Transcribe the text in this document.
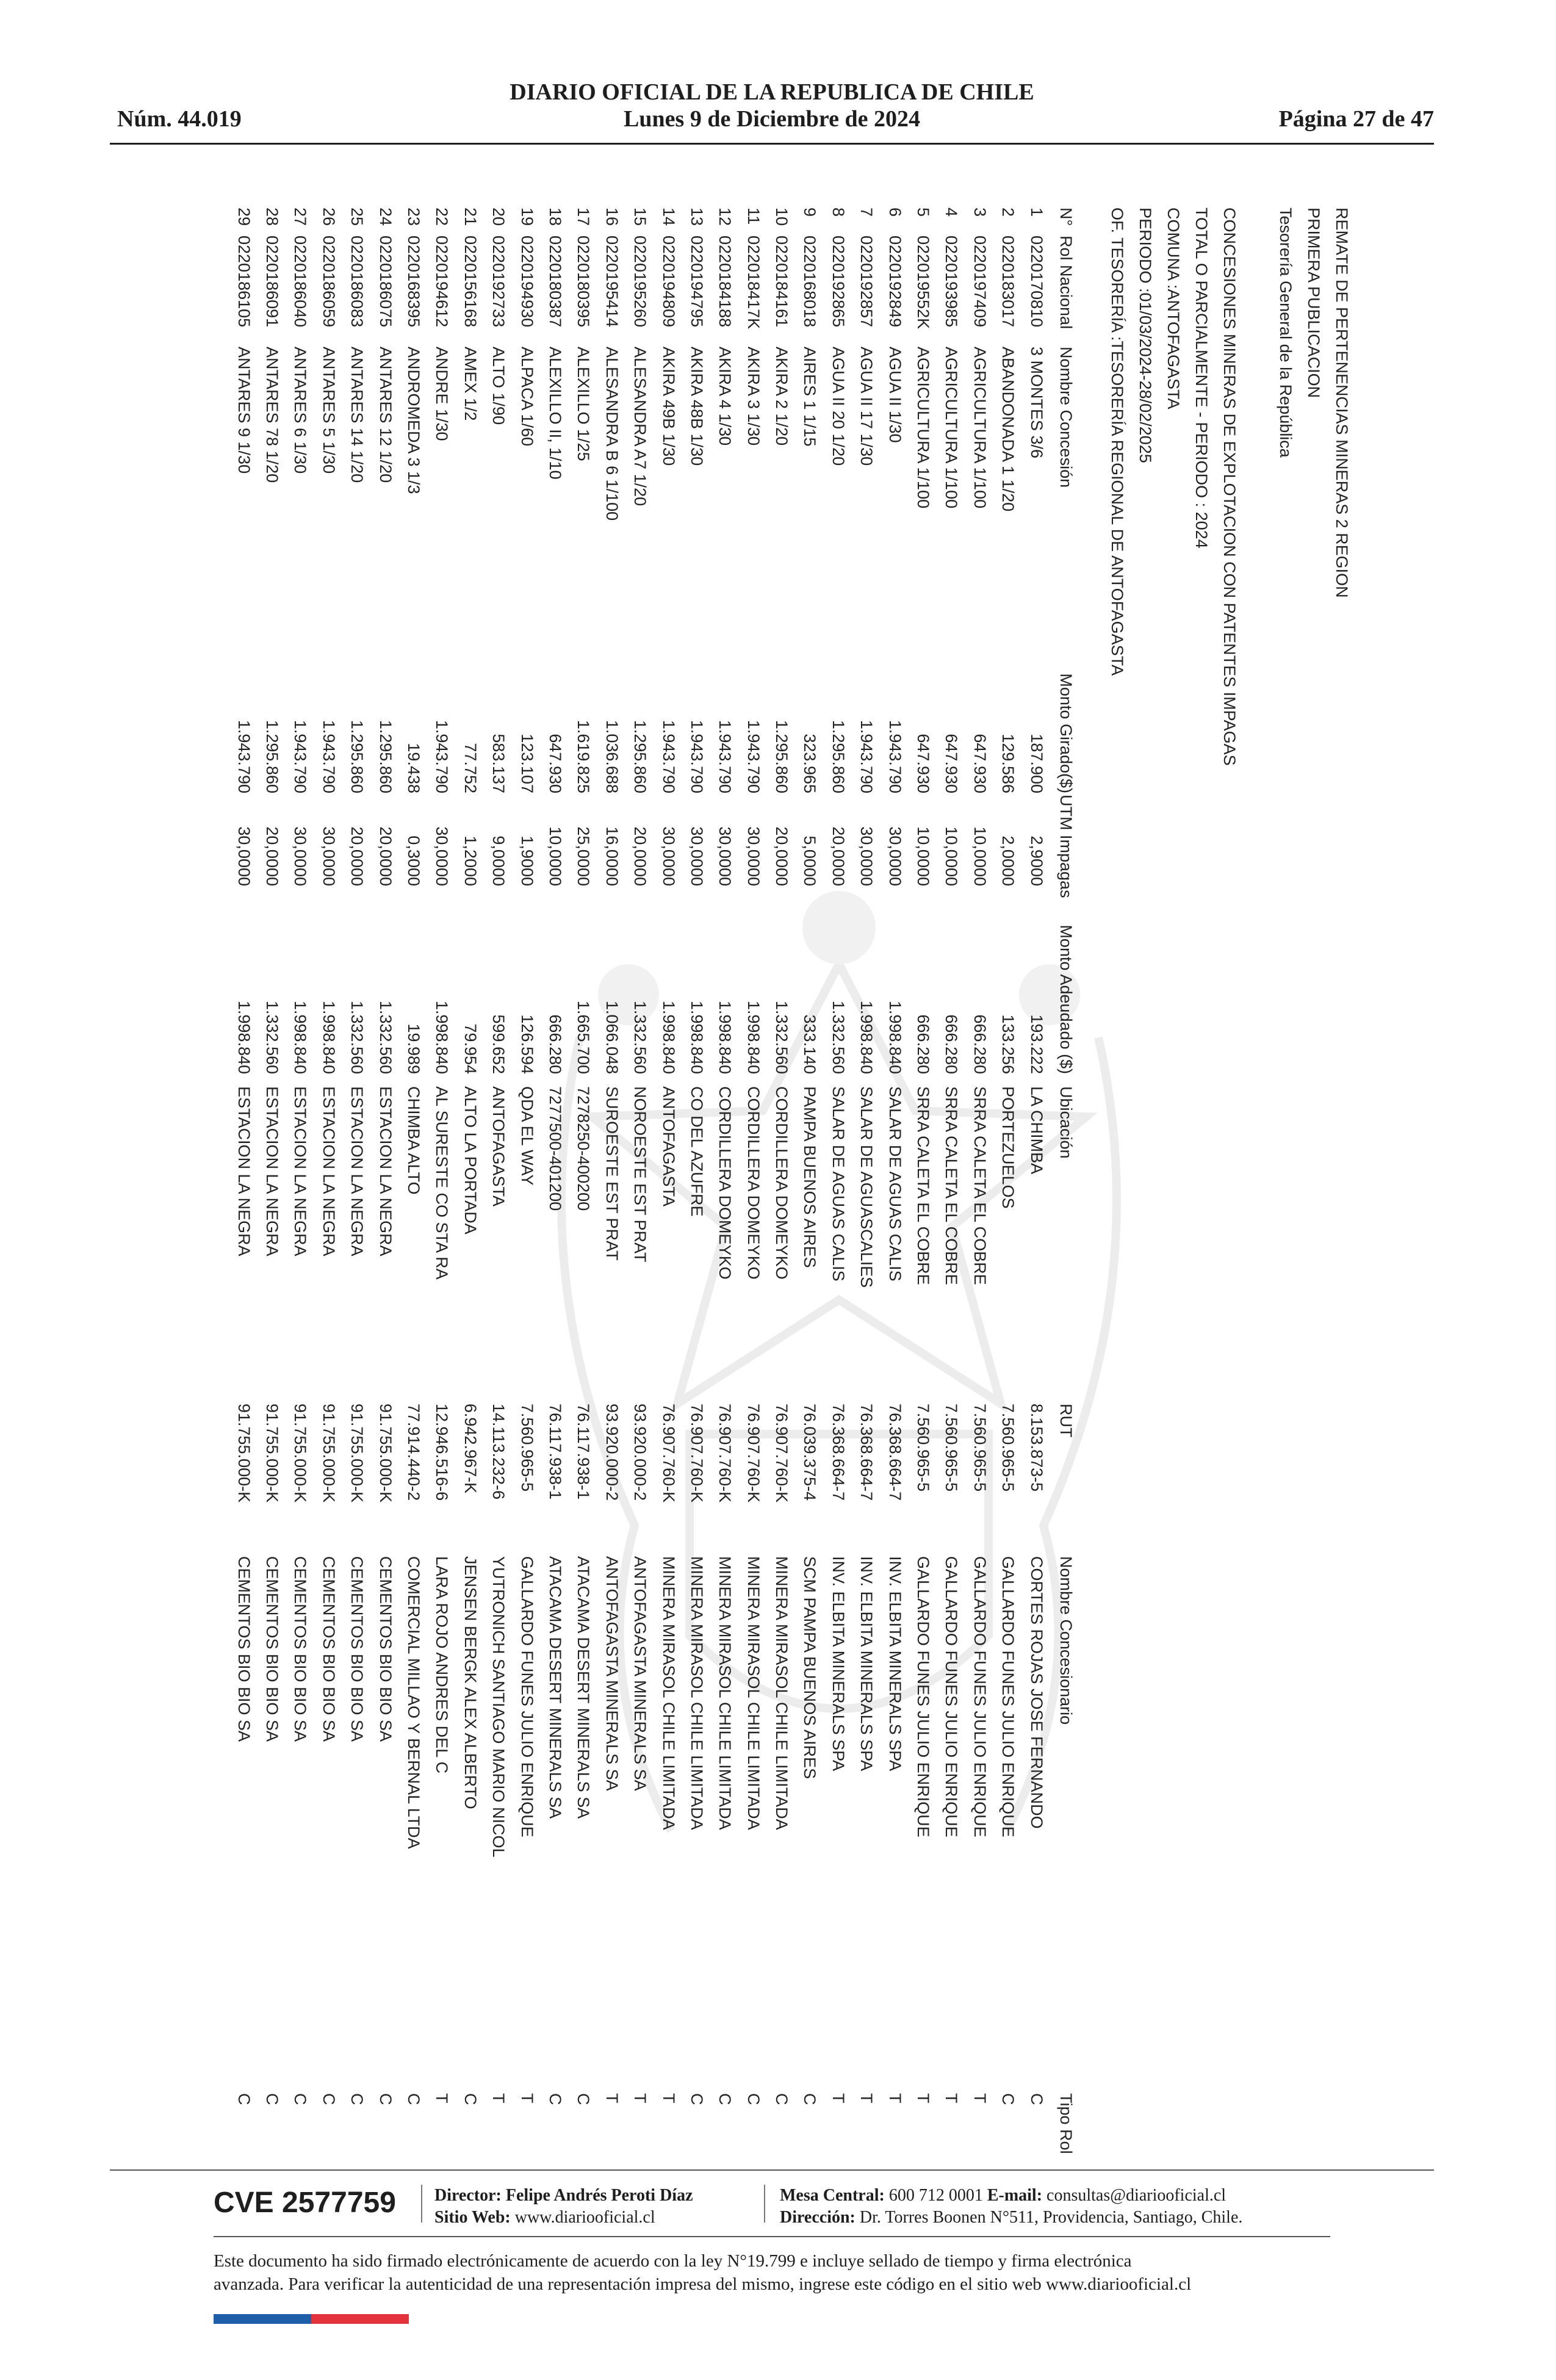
DIARIO OFICIAL DE LA REPUBLICA DE CHILE
Lunes 9 de Diciembre de 2024
Núm. 44.019	Página 27 de 47
REMATE DE PERTENENCIAS MINERAS 2 REGION
PRIMERA PUBLICACION
Tesorería General de la República
CONCESIONES MINERAS DE EXPLOTACION CON PATENTES IMPAGAS
TOTAL O PARCIALMENTE - PERIODO : 2024
COMUNA :ANTOFAGASTA
PERIODO :01/03/2024-28/02/2025
OF. TESORERÍA :TESORERÍA REGIONAL DE ANTOFAGASTA
N°
Rol Nacional
Nombre Concesión
Monto Girado($)
UTM Impagas
Monto Adeudado ($)
Ubicación
RUT
Nombre Concesionario
Tipo Rol
1
0220170810
3 MONTES 3/6
187.900
2,9000
193.222
LA CHIMBA
8.153.873-5
CORTES ROJAS JOSE FERNANDO
C
2
0220183017
ABANDONADA 1 1/20
129.586
2,0000
133.256
PORTEZUELOS
7.560.965-5
GALLARDO FUNES JULIO ENRIQUE
C
3
0220197409
AGRICULTURA 1/100
647.930
10,0000
666.280
SRRA CALETA EL COBRE
7.560.965-5
GALLARDO FUNES JULIO ENRIQUE
T
4
0220193985
AGRICULTURA 1/100
647.930
10,0000
666.280
SRRA CALETA EL COBRE
7.560.965-5
GALLARDO FUNES JULIO ENRIQUE
T
5
022019552K
AGRICULTURA 1/100
647.930
10,0000
666.280
SRRA CALETA EL COBRE
7.560.965-5
GALLARDO FUNES JULIO ENRIQUE
T
6
0220192849
AGUA II 1/30
1.943.790
30,0000
1.998.840
SALAR DE AGUAS CALIS
76.368.664-7
INV. ELBITA MINERALS SPA
T
7
0220192857
AGUA II 17 1/30
1.943.790
30,0000
1.998.840
SALAR DE AGUASCALIES
76.368.664-7
INV. ELBITA MINERALS SPA
T
8
0220192865
AGUA II 20 1/20
1.295.860
20,0000
1.332.560
SALAR DE AGUAS CALIS
76.368.664-7
INV. ELBITA MINERALS SPA
T
9
0220168018
AIRES 1 1/15
323.965
5,0000
333.140
PAMPA BUENOS AIRES
76.039.375-4
SCM PAMPA BUENOS AIRES
C
10
0220184161
AKIRA 2 1/20
1.295.860
20,0000
1.332.560
CORDILLERA DOMEYKO
76.907.760-K
MINERA MIRASOL CHILE LIMITADA
C
11
022018417K
AKIRA 3 1/30
1.943.790
30,0000
1.998.840
CORDILLERA DOMEYKO
76.907.760-K
MINERA MIRASOL CHILE LIMITADA
C
12
0220184188
AKIRA 4 1/30
1.943.790
30,0000
1.998.840
CORDILLERA DOMEYKO
76.907.760-K
MINERA MIRASOL CHILE LIMITADA
C
13
0220194795
AKIRA 48B 1/30
1.943.790
30,0000
1.998.840
CO DEL AZUFRE
76.907.760-K
MINERA MIRASOL CHILE LIMITADA
C
14
0220194809
AKIRA 49B 1/30
1.943.790
30,0000
1.998.840
ANTOFAGASTA
76.907.760-K
MINERA MIRASOL CHILE LIMITADA
T
15
0220195260
ALESANDRA A7 1/20
1.295.860
20,0000
1.332.560
NOROESTE EST PRAT
93.920.000-2
ANTOFAGASTA MINERALS SA
T
16
0220195414
ALESANDRA B 6 1/100
1.036.688
16,0000
1.066.048
SUROESTE EST PRAT
93.920.000-2
ANTOFAGASTA MINERALS SA
T
17
0220180395
ALEXILLO 1/25
1.619.825
25,0000
1.665.700
7278250-400200
76.117.938-1
ATACAMA DESERT MINERALS SA
C
18
0220180387
ALEXILLO II, 1/10
647.930
10,0000
666.280
7277500-401200
76.117.938-1
ATACAMA DESERT MINERALS SA
C
19
0220194930
ALPACA 1/60
123.107
1,9000
126.594
QDA EL WAY
7.560.965-5
GALLARDO FUNES JULIO ENRIQUE
T
20
0220192733
ALTO 1/90
583.137
9,0000
599.652
ANTOFAGASTA
14.113.232-6
YUTRONICH SANTIAGO MARIO NICOL
T
21
0220156168
AMEX 1/2
77.752
1,2000
79.954
ALTO LA PORTADA
6.942.967-K
JENSEN BERGK ALEX ALBERTO
C
22
0220194612
ANDRE 1/30
1.943.790
30,0000
1.998.840
AL SURESTE CO STA RA
12.946.516-6
LARA ROJO ANDRES DEL C
T
23
0220168395
ANDROMEDA 3 1/3
19.438
0,3000
19.989
CHIMBA ALTO
77.914.440-2
COMERCIAL MILLAO Y BERNAL LTDA
C
24
0220186075
ANTARES 12 1/20
1.295.860
20,0000
1.332.560
ESTACION LA NEGRA
91.755.000-K
CEMENTOS BIO BIO SA
C
25
0220186083
ANTARES 14 1/20
1.295.860
20,0000
1.332.560
ESTACION LA NEGRA
91.755.000-K
CEMENTOS BIO BIO SA
C
26
0220186059
ANTARES 5 1/30
1.943.790
30,0000
1.998.840
ESTACION LA NEGRA
91.755.000-K
CEMENTOS BIO BIO SA
C
27
0220186040
ANTARES 6 1/30
1.943.790
30,0000
1.998.840
ESTACION LA NEGRA
91.755.000-K
CEMENTOS BIO BIO SA
C
28
0220186091
ANTARES 78 1/20
1.295.860
20,0000
1.332.560
ESTACION LA NEGRA
91.755.000-K
CEMENTOS BIO BIO SA
C
29
0220186105
ANTARES 9 1/30
1.943.790
30,0000
1.998.840
ESTACION LA NEGRA
91.755.000-K
CEMENTOS BIO BIO SA
C
CVE 2577759 Director: Felipe Andrés Peroti Díaz
Sitio Web: www.diariooficial.cl
Mesa Central: 600 712 0001 E-mail: consultas@diariooficial.cl
Dirección: Dr. Torres Boonen N°511, Providencia, Santiago, Chile.
Este documento ha sido firmado electrónicamente de acuerdo con la ley N°19.799 e incluye sellado de tiempo y firma electrónica
avanzada. Para verificar la autenticidad de una representación impresa del mismo, ingrese este código en el sitio web www.diariooficial.cl
